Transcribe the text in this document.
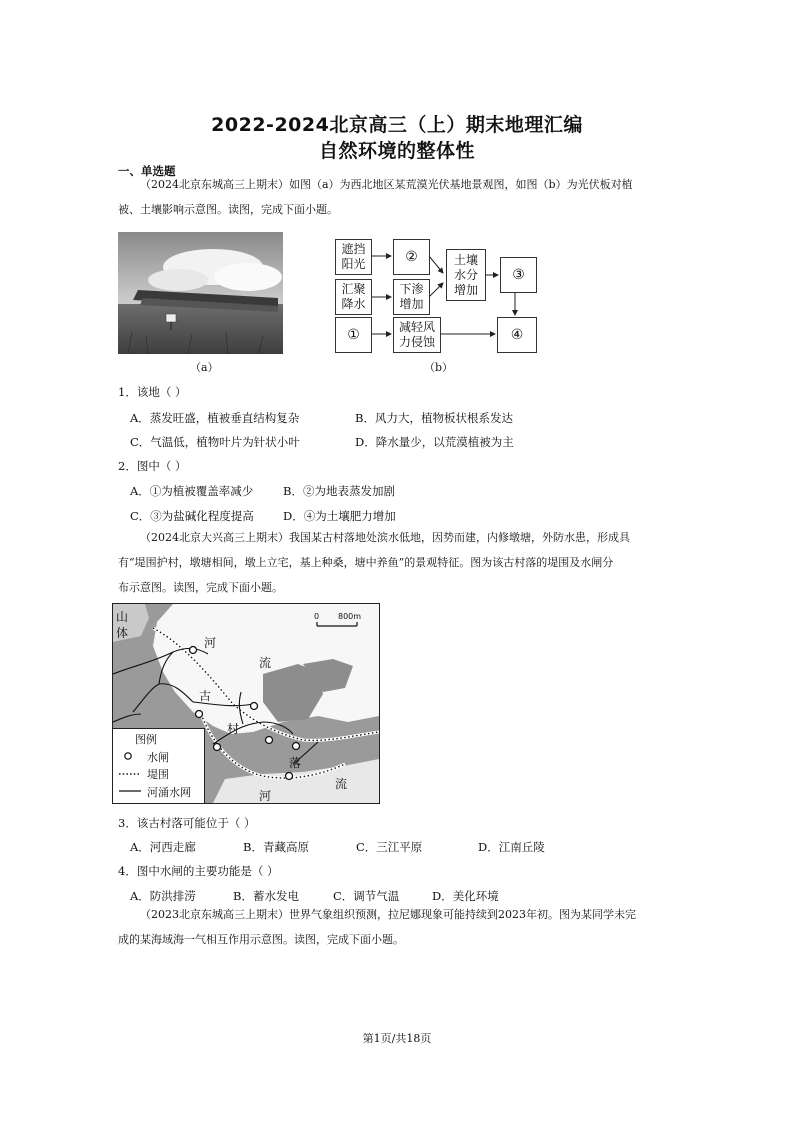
2022-2024北京高三（上）期末地理汇编
自然环境的整体性
一、单选题
（2024北京东城高三上期末）如图（a）为西北地区某荒漠光伏基地景观图，如图（b）为光伏板对植
被、土壤影响示意图。读图，完成下面小题。
（a）
遮挡阳光
汇聚降水
①
②
下渗增加
减轻风力侵蚀
土壤水分增加
③
④
（b）
1．该地（ ）
A．蒸发旺盛，植被垂直结构复杂	B．风力大，植物板状根系发达
C．气温低，植物叶片为针状小叶	D．降水量少，以荒漠植被为主
2．图中（ ）
A．①为植被覆盖率减少	B．②为地表蒸发加剧
C．③为盐碱化程度提高	D．④为土壤肥力增加
（2024北京大兴高三上期末）我国某古村落地处滨水低地，因势而建，内修墩塘，外防水患，形成具
有“堤围护村，墩塘相间，墩上立宅，基上种桑，塘中养鱼”的景观特征。图为该古村落的堤围及水闸分
布示意图。读图，完成下面小题。
山
体
河
流
古
村
落
河
流
0 800m
图例
水闸
堤围
河涌水网
3．该古村落可能位于（ ）
A．河西走廊	B．青藏高原	C．三江平原	D．江南丘陵
4．图中水闸的主要功能是（ ）
A．防洪排涝	B．蓄水发电	C．调节气温	D．美化环境
（2023北京东城高三上期末）世界气象组织预测，拉尼娜现象可能持续到2023年初。图为某同学未完
成的某海域海一气相互作用示意图。读图，完成下面小题。
第1页/共18页
